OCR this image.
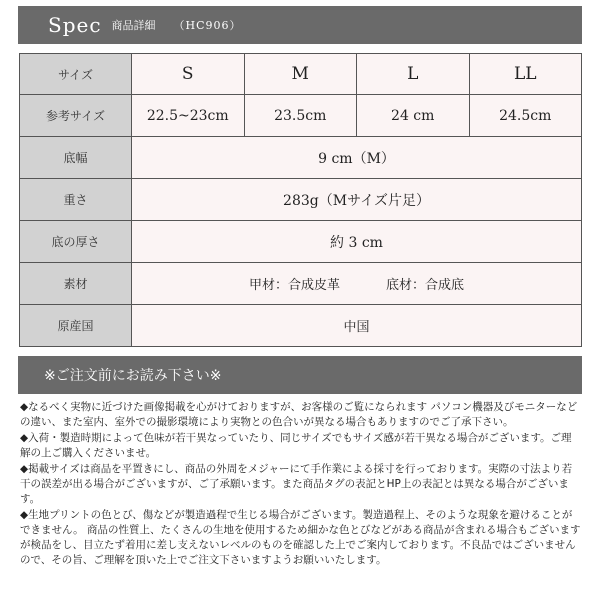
Spec 商品詳細 （HC906）
サイズ	S	M	L	LL
参考サイズ	22.5~23cm	23.5cm	24 cm	24.5cm
底幅	9 cm（M）			
重さ	283g（Mサイズ片足）			
底の厚さ	約 3 cm			
素材	甲材：合成皮革 底材：合成底			
原産国	中国			
※ご注文前にお読み下さい※

◆なるべく実物に近づけた画像掲載を心がけておりますが、お客様のご覧になられます パソコン機器及びモニターなどの違い、また室内、室外での撮影環境により実物との色合いが異なる場合もありますのでご了承下さい。

◆入荷・製造時期によって色味が若干異なっていたり、同じサイズでもサイズ感が若干異なる場合がございます。ご理解の上ご購入くださいませ。

◆掲載サイズは商品を平置きにし、商品の外周をメジャーにて手作業による採寸を行っております。実際の寸法より若干の誤差が出る場合がございますが、ご了承願います。また商品タグの表記とHP上の表記とは異なる場合がございます。

◆生地プリントの色とび、傷などが製造過程で生じる場合がございます。製造過程上、そのような現象を避けることができません。 商品の性質上、たくさんの生地を使用するため細かな色とびなどがある商品が含まれる場合もございますが検品をし、目立たず着用に差し支えないレベルのものを確認した上でご案内しております。不良品ではございませんので、その旨、ご理解を頂いた上でご注文下さいますようお願いいたします。
